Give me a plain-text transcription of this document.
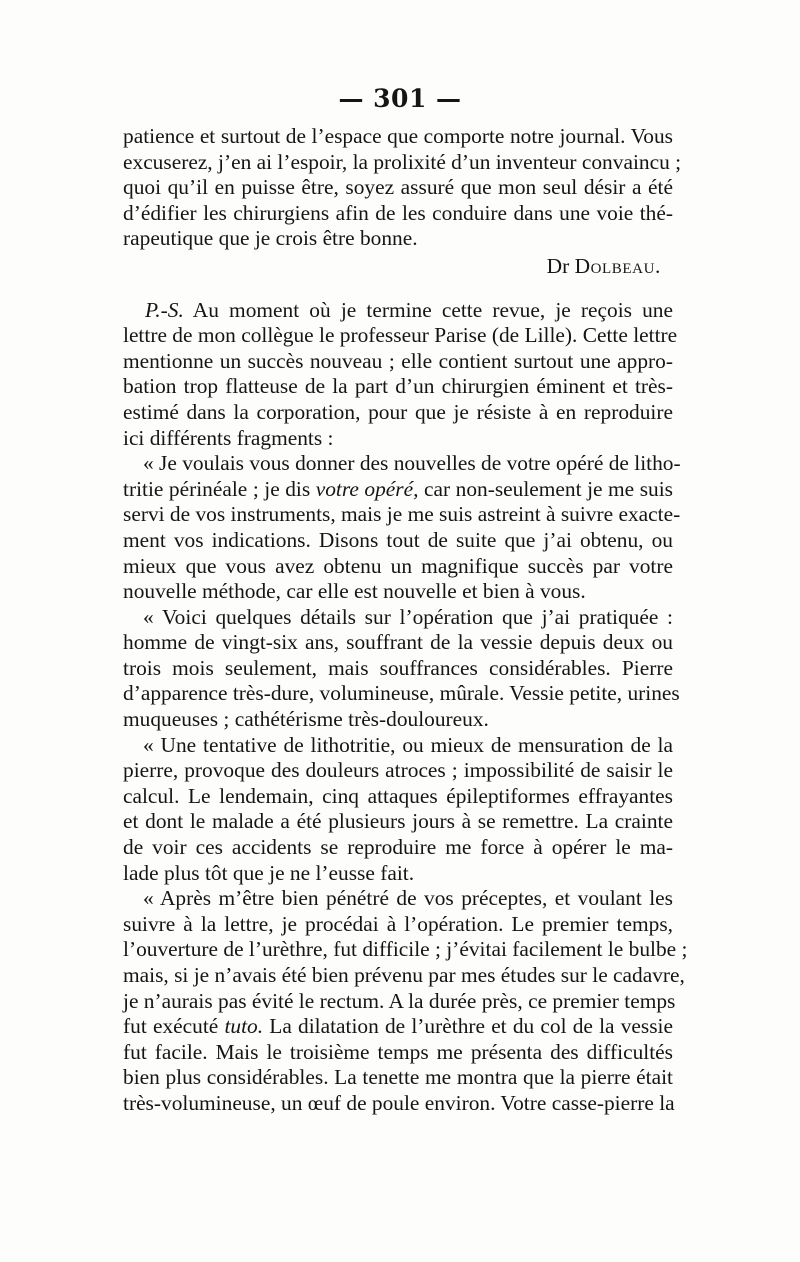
— 301 —
patience et surtout de l’espace que comporte notre journal. Vous
excuserez, j’en ai l’espoir, la prolixité d’un inventeur convaincu ;
quoi qu’il en puisse être, soyez assuré que mon seul désir a été
d’édifier les chirurgiens afin de les conduire dans une voie thé-
rapeutique que je crois être bonne.
Dr Dolbeau.
P.-S. Au moment où je termine cette revue, je reçois une
lettre de mon collègue le professeur Parise (de Lille). Cette lettre
mentionne un succès nouveau ; elle contient surtout une appro-
bation trop flatteuse de la part d’un chirurgien éminent et très-
estimé dans la corporation, pour que je résiste à en reproduire
ici différents fragments :
« Je voulais vous donner des nouvelles de votre opéré de litho-
tritie périnéale ; je dis votre opéré, car non-seulement je me suis
servi de vos instruments, mais je me suis astreint à suivre exacte-
ment vos indications. Disons tout de suite que j’ai obtenu, ou
mieux que vous avez obtenu un magnifique succès par votre
nouvelle méthode, car elle est nouvelle et bien à vous.
« Voici quelques détails sur l’opération que j’ai pratiquée :
homme de vingt-six ans, souffrant de la vessie depuis deux ou
trois mois seulement, mais souffrances considérables. Pierre
d’apparence très-dure, volumineuse, mûrale. Vessie petite, urines
muqueuses ; cathétérisme très-douloureux.
« Une tentative de lithotritie, ou mieux de mensuration de la
pierre, provoque des douleurs atroces ; impossibilité de saisir le
calcul. Le lendemain, cinq attaques épileptiformes effrayantes
et dont le malade a été plusieurs jours à se remettre. La crainte
de voir ces accidents se reproduire me force à opérer le ma-
lade plus tôt que je ne l’eusse fait.
« Après m’être bien pénétré de vos préceptes, et voulant les
suivre à la lettre, je procédai à l’opération. Le premier temps,
l’ouverture de l’urèthre, fut difficile ; j’évitai facilement le bulbe ;
mais, si je n’avais été bien prévenu par mes études sur le cadavre,
je n’aurais pas évité le rectum. A la durée près, ce premier temps
fut exécuté tuto. La dilatation de l’urèthre et du col de la vessie
fut facile. Mais le troisième temps me présenta des difficultés
bien plus considérables. La tenette me montra que la pierre était
très-volumineuse, un œuf de poule environ. Votre casse-pierre la
